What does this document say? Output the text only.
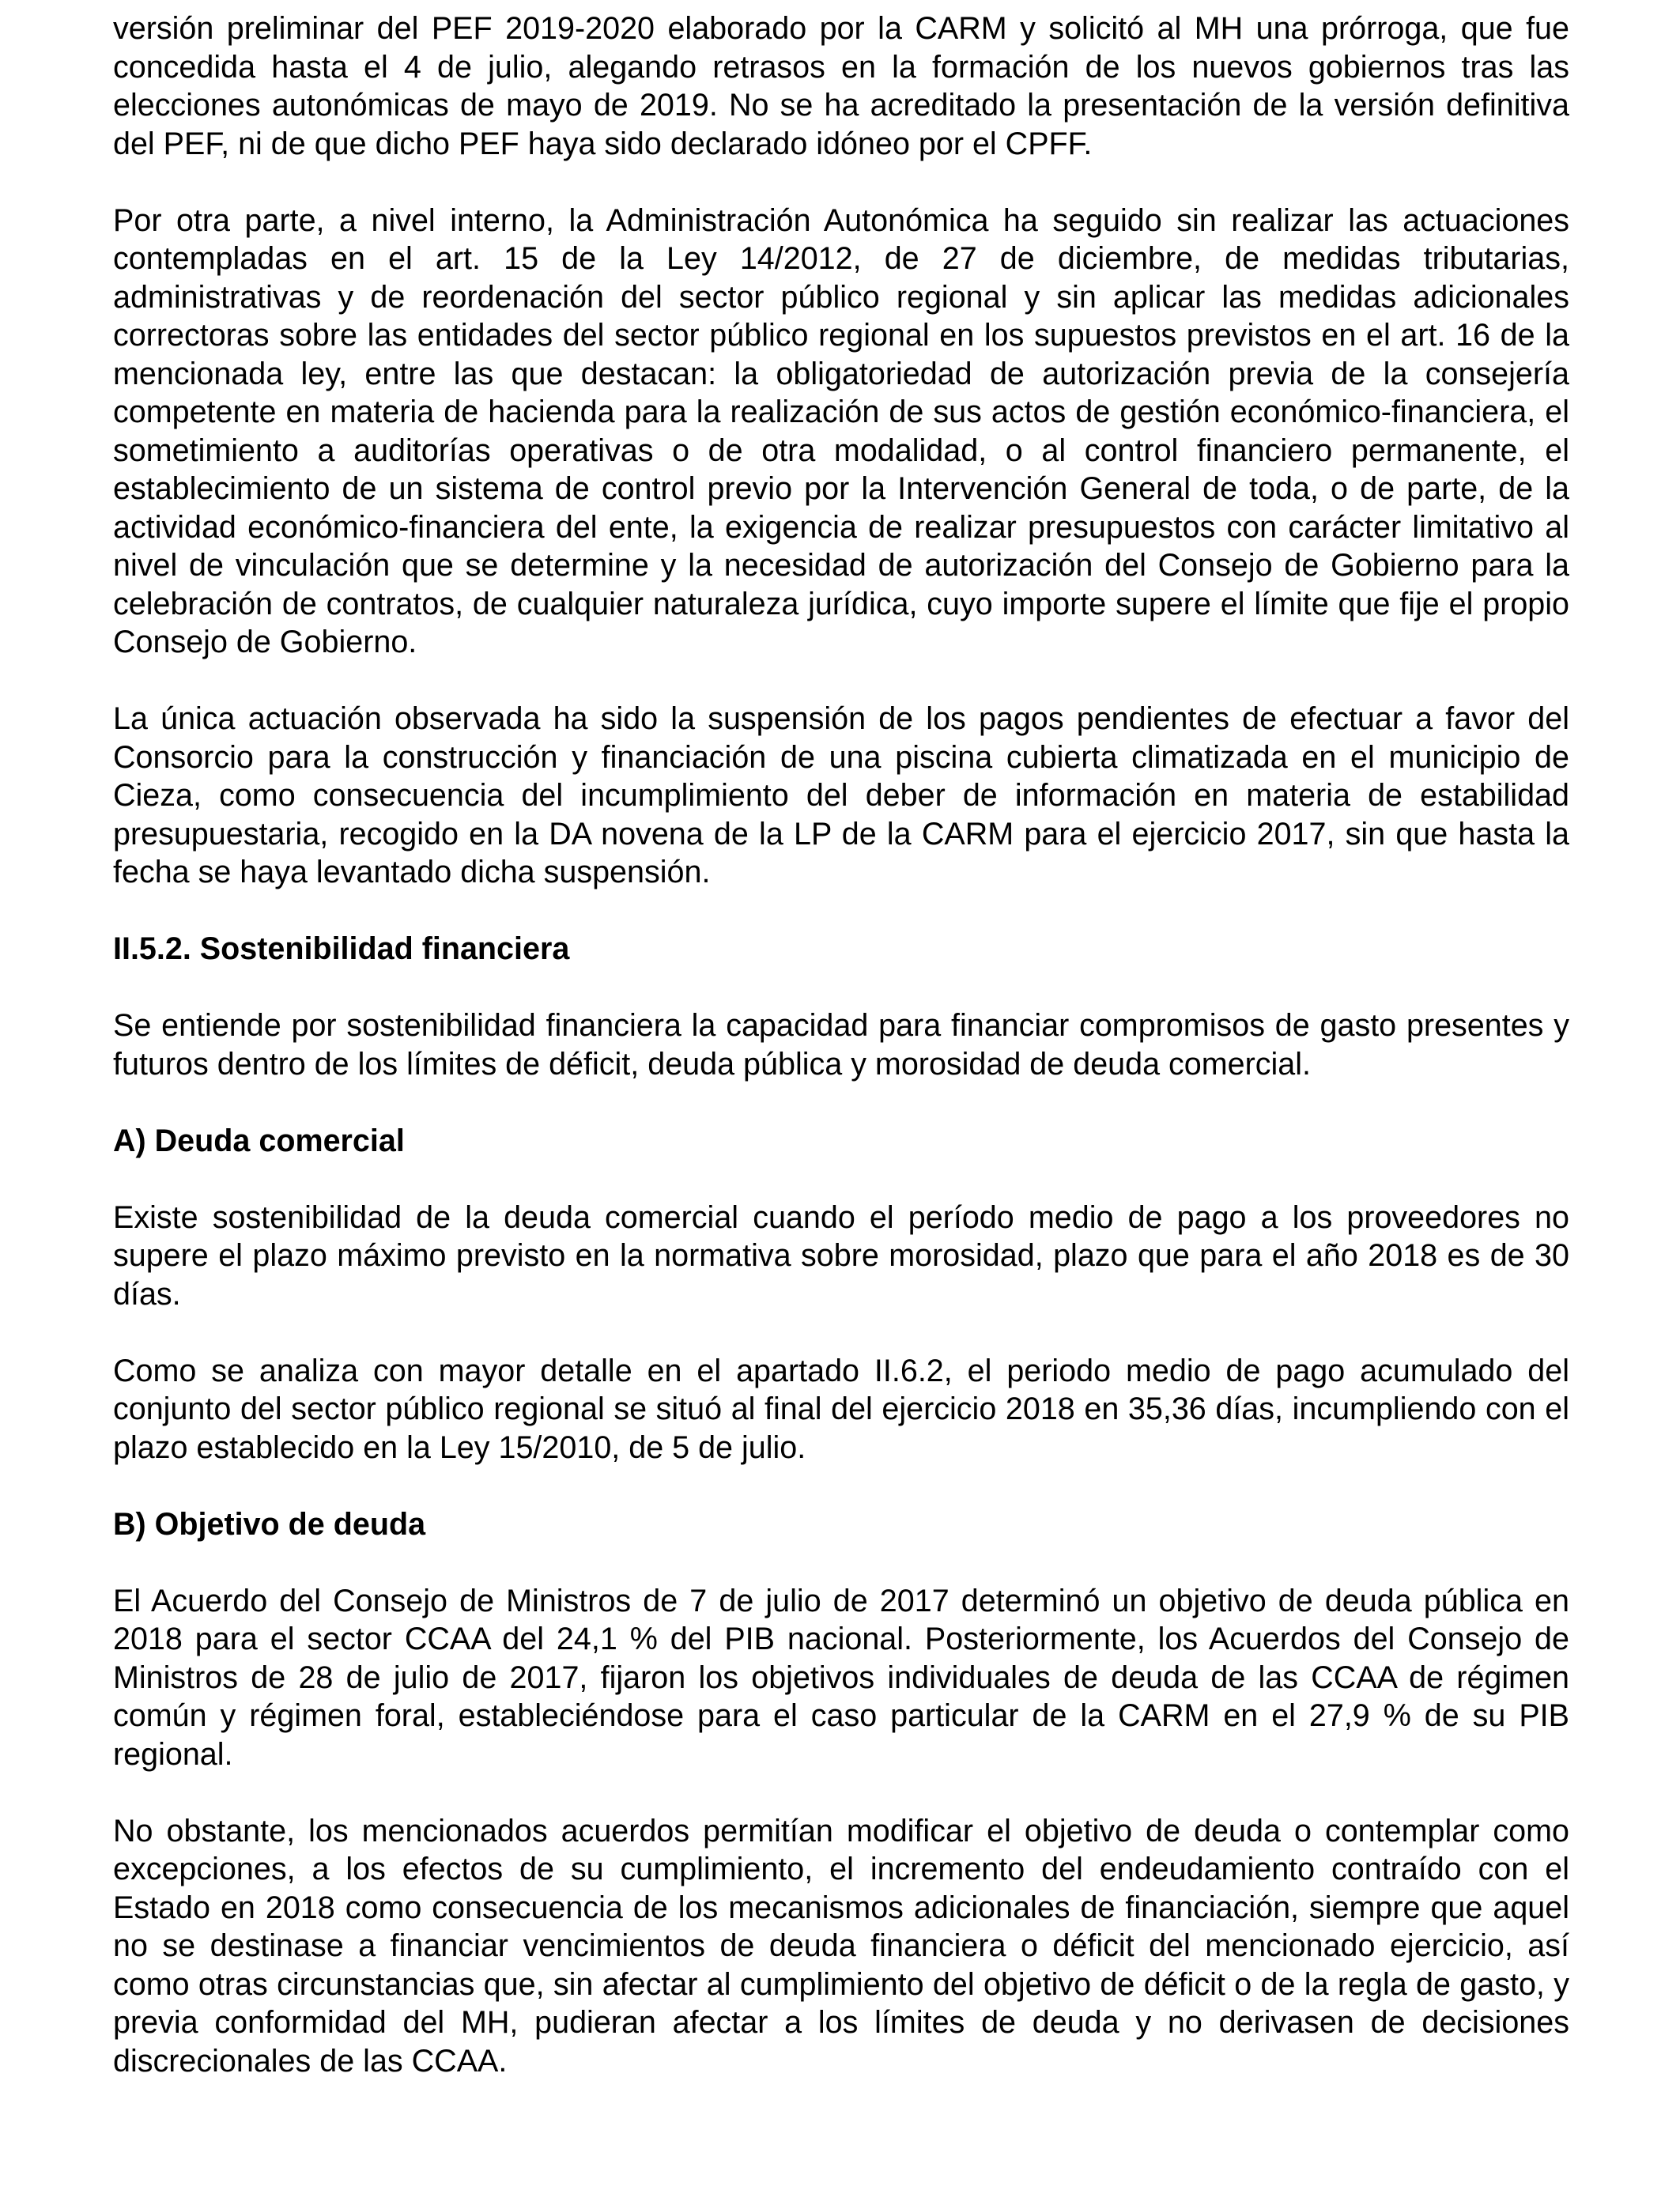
versión preliminar del PEF 2019-2020 elaborado por la CARM y solicitó al MH una prórroga, que fue concedida hasta el 4 de julio, alegando retrasos en la formación de los nuevos gobiernos tras las elecciones autonómicas de mayo de 2019. No se ha acreditado la presentación de la versión definitiva del PEF, ni de que dicho PEF haya sido declarado idóneo por el CPFF.

Por otra parte, a nivel interno, la Administración Autonómica ha seguido sin realizar las actuaciones contempladas en el art. 15 de la Ley 14/2012, de 27 de diciembre, de medidas tributarias, administrativas y de reordenación del sector público regional y sin aplicar las medidas adicionales correctoras sobre las entidades del sector público regional en los supuestos previstos en el art. 16 de la mencionada ley, entre las que destacan: la obligatoriedad de autorización previa de la consejería competente en materia de hacienda para la realización de sus actos de gestión económico-financiera, el sometimiento a auditorías operativas o de otra modalidad, o al control financiero permanente, el establecimiento de un sistema de control previo por la Intervención General de toda, o de parte, de la actividad económico-financiera del ente, la exigencia de realizar presupuestos con carácter limitativo al nivel de vinculación que se determine y la necesidad de autorización del Consejo de Gobierno para la celebración de contratos, de cualquier naturaleza jurídica, cuyo importe supere el límite que fije el propio Consejo de Gobierno.

La única actuación observada ha sido la suspensión de los pagos pendientes de efectuar a favor del Consorcio para la construcción y financiación de una piscina cubierta climatizada en el municipio de Cieza, como consecuencia del incumplimiento del deber de información en materia de estabilidad presupuestaria, recogido en la DA novena de la LP de la CARM para el ejercicio 2017, sin que hasta la fecha se haya levantado dicha suspensión.

II.5.2. Sostenibilidad financiera

Se entiende por sostenibilidad financiera la capacidad para financiar compromisos de gasto presentes y futuros dentro de los límites de déficit, deuda pública y morosidad de deuda comercial.

A) Deuda comercial

Existe sostenibilidad de la deuda comercial cuando el período medio de pago a los proveedores no supere el plazo máximo previsto en la normativa sobre morosidad, plazo que para el año 2018 es de 30 días.

Como se analiza con mayor detalle en el apartado II.6.2, el periodo medio de pago acumulado del conjunto del sector público regional se situó al final del ejercicio 2018 en 35,36 días, incumpliendo con el plazo establecido en la Ley 15/2010, de 5 de julio.

B) Objetivo de deuda

El Acuerdo del Consejo de Ministros de 7 de julio de 2017 determinó un objetivo de deuda pública en 2018 para el sector CCAA del 24,1 % del PIB nacional. Posteriormente, los Acuerdos del Consejo de Ministros de 28 de julio de 2017, fijaron los objetivos individuales de deuda de las CCAA de régimen común y régimen foral, estableciéndose para el caso particular de la CARM en el 27,9 % de su PIB regional.

No obstante, los mencionados acuerdos permitían modificar el objetivo de deuda o contemplar como excepciones, a los efectos de su cumplimiento, el incremento del endeudamiento contraído con el Estado en 2018 como consecuencia de los mecanismos adicionales de financiación, siempre que aquel no se destinase a financiar vencimientos de deuda financiera o déficit del mencionado ejercicio, así como otras circunstancias que, sin afectar al cumplimiento del objetivo de déficit o de la regla de gasto, y previa conformidad del MH, pudieran afectar a los límites de deuda y no derivasen de decisiones discrecionales de las CCAA.
